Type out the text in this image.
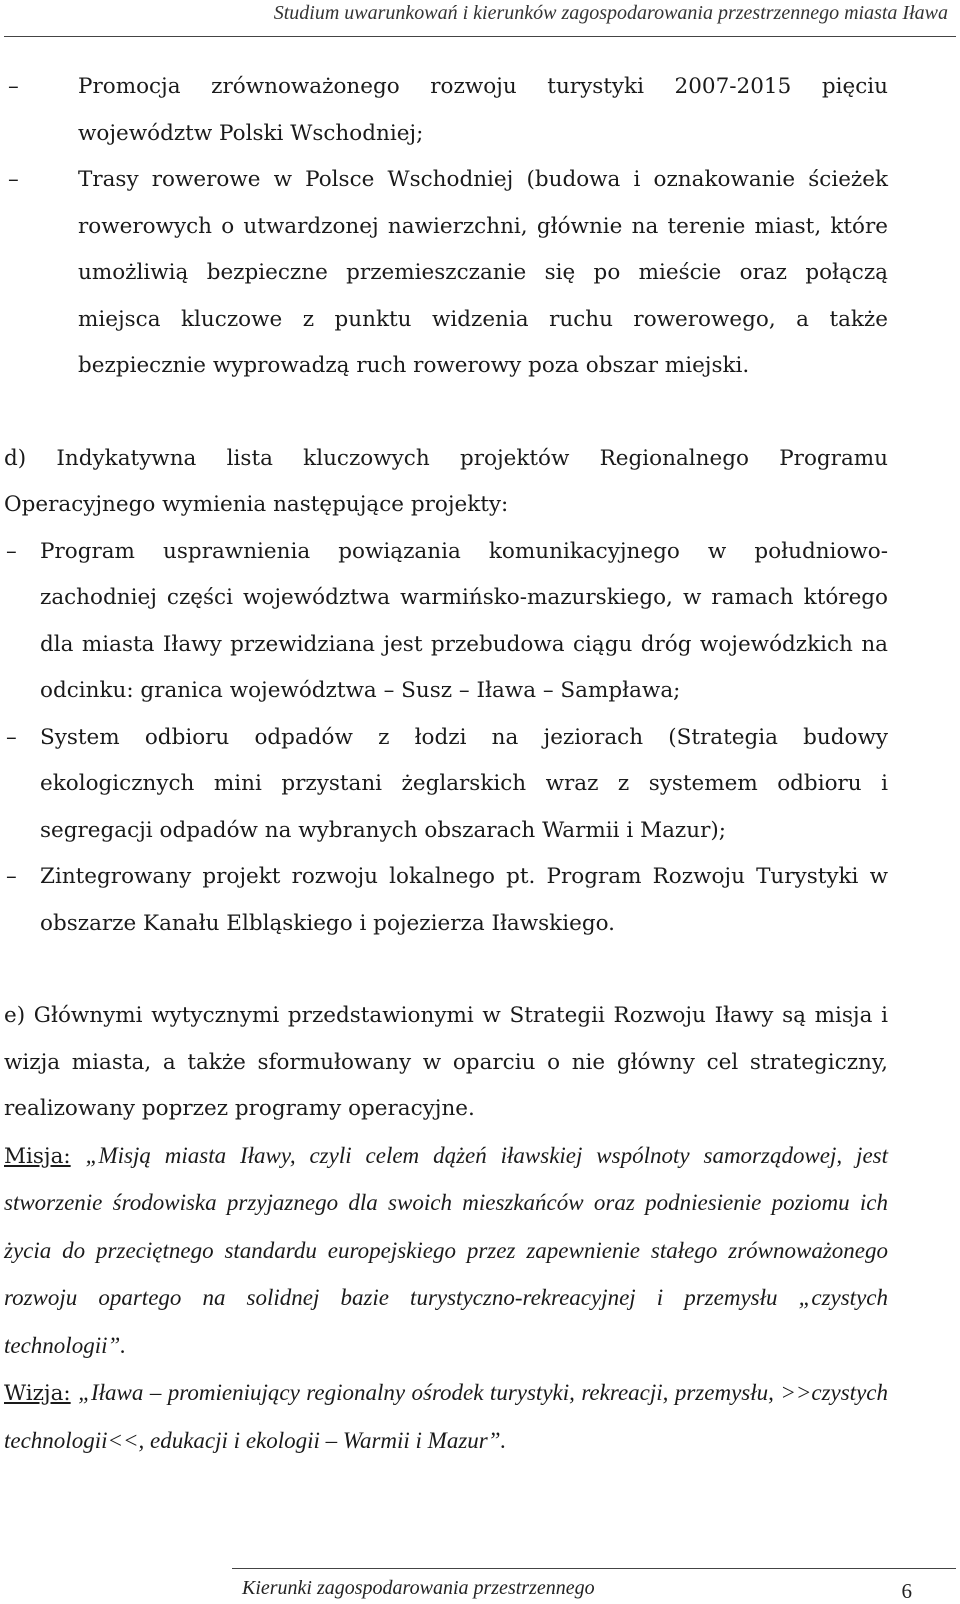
Studium uwarunkowań i kierunków zagospodarowania przestrzennego miasta Iława
– Promocja zrównoważonego rozwoju turystyki 2007-2015 pięciu województw Polski Wschodniej;
– Trasy rowerowe w Polsce Wschodniej (budowa i oznakowanie ścieżek rowerowych o utwardzonej nawierzchni, głównie na terenie miast, które umożliwią bezpieczne przemieszczanie się po mieście oraz połączą miejsca kluczowe z punktu widzenia ruchu rowerowego, a także bezpiecznie wyprowadzą ruch rowerowy poza obszar miejski.

d) Indykatywna lista kluczowych projektów Regionalnego Programu Operacyjnego wymienia następujące projekty:

– Program usprawnienia powiązania komunikacyjnego w południowo-zachodniej części województwa warmińsko-mazurskiego, w ramach którego dla miasta Iławy przewidziana jest przebudowa ciągu dróg wojewódzkich na odcinku: granica województwa – Susz – Iława – Sampława;
– System odbioru odpadów z łodzi na jeziorach (Strategia budowy ekologicznych mini przystani żeglarskich wraz z systemem odbioru i segregacji odpadów na wybranych obszarach Warmii i Mazur);
– Zintegrowany projekt rozwoju lokalnego pt. Program Rozwoju Turystyki w obszarze Kanału Elbląskiego i pojezierza Iławskiego.

e) Głównymi wytycznymi przedstawionymi w Strategii Rozwoju Iławy są misja i wizja miasta, a także sformułowany w oparciu o nie główny cel strategiczny, realizowany poprzez programy operacyjne.

Misja: „Misją miasta Iławy, czyli celem dążeń iławskiej wspólnoty samorządowej, jest stworzenie środowiska przyjaznego dla swoich mieszkańców oraz podniesienie poziomu ich życia do przeciętnego standardu europejskiego przez zapewnienie stałego zrównoważonego rozwoju opartego na solidnej bazie turystyczno-rekreacyjnej i przemysłu „czystych technologii”.

Wizja: „Iława – promieniujący regionalny ośrodek turystyki, rekreacji, przemysłu, >>czystych technologii<<, edukacji i ekologii – Warmii i Mazur”.

Kierunki zagospodarowania przestrzennego	6
